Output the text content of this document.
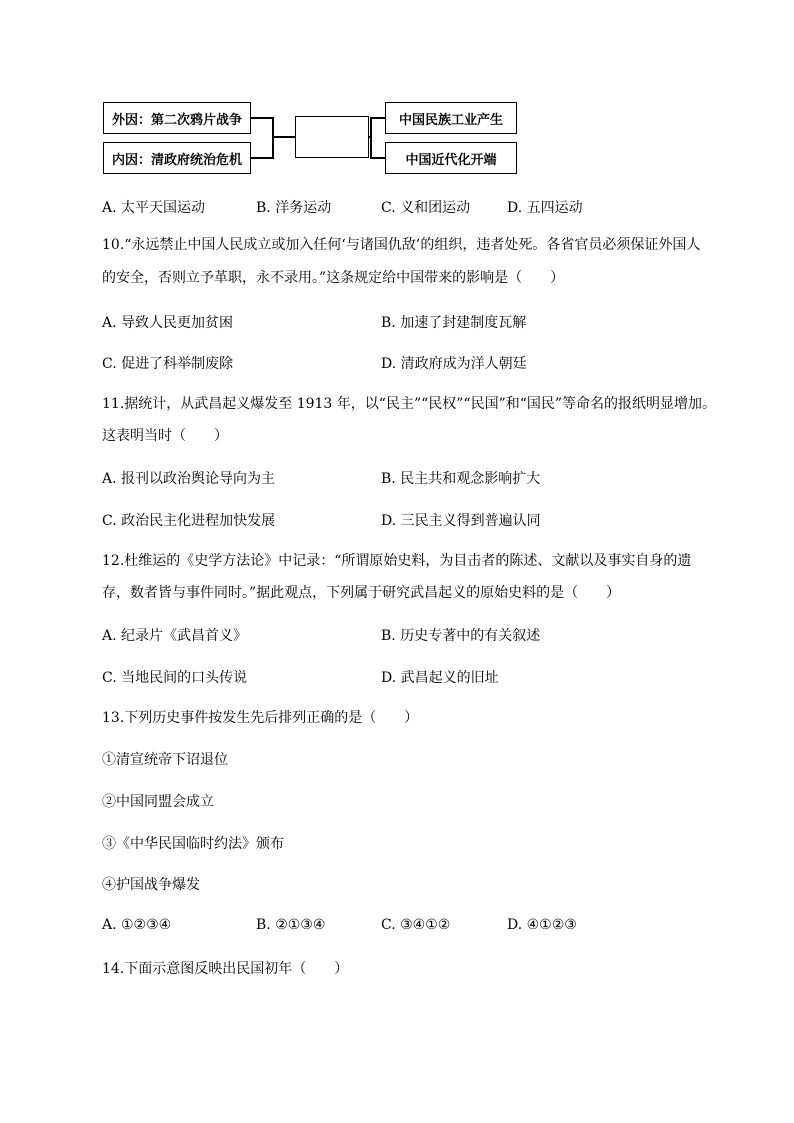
外因：第二次鸦片战争
内因：清政府统治危机
中国民族工业产生
中国近代化开端
A. 太平天国运动	B. 洋务运动	C. 义和团运动	D. 五四运动
10.“永远禁止中国人民成立或加入任何‘与诸国仇敌’的组织，违者处死。各省官员必须保证外国人
的安全，否则立予革职，永不录用。”这条规定给中国带来的影响是（　　）
A. 导致人民更加贫困	B. 加速了封建制度瓦解
C. 促进了科举制废除	D. 清政府成为洋人朝廷
11.据统计，从武昌起义爆发至 1913 年，以“民主”“民权”“民国”和“国民”等命名的报纸明显增加。
这表明当时（　　）
A. 报刊以政治舆论导向为主	B. 民主共和观念影响扩大
C. 政治民主化进程加快发展	D. 三民主义得到普遍认同
12.杜维运的《史学方法论》中记录：“所谓原始史料，为目击者的陈述、文献以及事实自身的遗
存，数者皆与事件同时。”据此观点，下列属于研究武昌起义的原始史料的是（　　）
A. 纪录片《武昌首义》	B. 历史专著中的有关叙述
C. 当地民间的口头传说	D. 武昌起义的旧址
13.下列历史事件按发生先后排列正确的是（　　）
①清宣统帝下诏退位
②中国同盟会成立
③《中华民国临时约法》颁布
④护国战争爆发
A. ①②③④	B. ②①③④	C. ③④①②	D. ④①②③
14.下面示意图反映出民国初年（　　）
